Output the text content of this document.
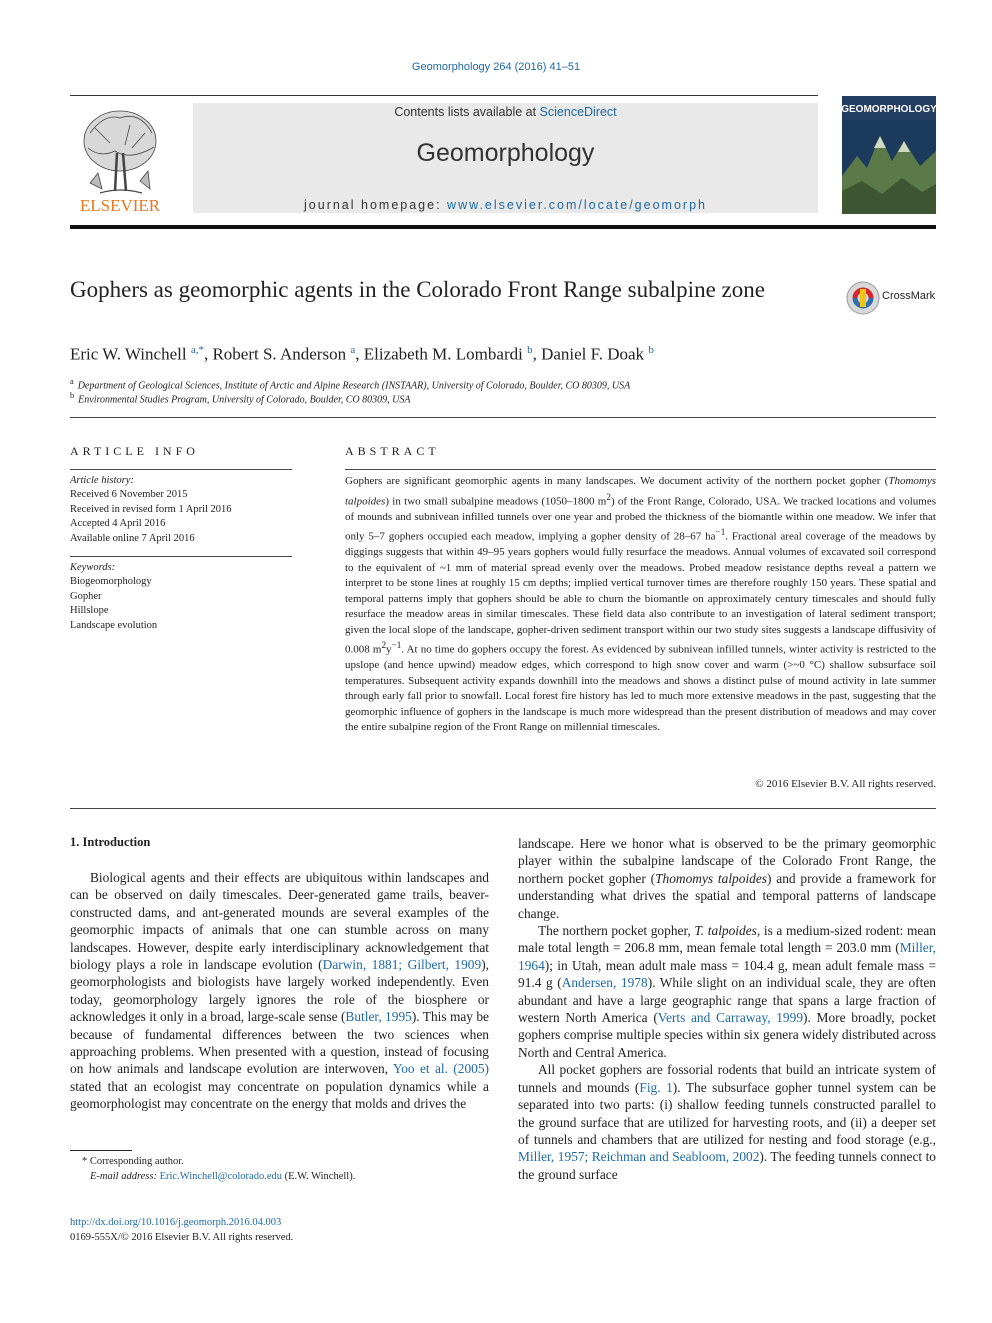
Geomorphology 264 (2016) 41–51
ELSEVIER
Contents lists available at ScienceDirect
Geomorphology
journal homepage: www.elsevier.com/locate/geomorph
GEOMORPHOLOGY
Gophers as geomorphic agents in the Colorado Front Range subalpine zone	CrossMark
Eric W. Winchell $^{a,*}$, Robert S. Anderson $^a$, Elizabeth M. Lombardi $^b$, Daniel F. Doak $^b$
$^a$ Department of Geological Sciences, Institute of Arctic and Alpine Research (INSTAAR), University of Colorado, Boulder, CO 80309, USA
$^b$ Environmental Studies Program, University of Colorado, Boulder, CO 80309, USA
ARTICLE INFO	ABSTRACT
Article history:
Received 6 November 2015
Received in revised form 1 April 2016
Accepted 4 April 2016
Available online 7 April 2016
Keywords:
Biogeomorphology
Gopher
Hillslope
Landscape evolution
Gophers are significant geomorphic agents in many landscapes. We document activity of the northern pocket gopher (Thomomys talpoides) in two small subalpine meadows (1050–1800 $m^2$) of the Front Range, Colorado, USA. We tracked locations and volumes of mounds and subnivean infilled tunnels over one year and probed the thickness of the biomantle within one meadow. We infer that only 5–7 gophers occupied each meadow, implying a gopher density of 28–67 $ha^{-1}$. Fractional areal coverage of the meadows by diggings suggests that within 49–95 years gophers would fully resurface the meadows. Annual volumes of excavated soil correspond to the equivalent of ~1 mm of material spread evenly over the meadows. Probed meadow resistance depths reveal a pattern we interpret to be stone lines at roughly 15 cm depths; implied vertical turnover times are therefore roughly 150 years. These spatial and temporal patterns imply that gophers should be able to churn the biomantle on approximately century timescales and should fully resurface the meadow areas in similar timescales. These field data also contribute to an investigation of lateral sediment transport; given the local slope of the landscape, gopher-driven sediment transport within our two study sites suggests a landscape diffusivity of 0.008 $m^2y^{-1}$. At no time do gophers occupy the forest. As evidenced by subnivean infilled tunnels, winter activity is restricted to the upslope (and hence upwind) meadow edges, which correspond to high snow cover and warm (>~0 °C) shallow subsurface soil temperatures. Subsequent activity expands downhill into the meadows and shows a distinct pulse of mound activity in late summer through early fall prior to snowfall. Local forest fire history has led to much more extensive meadows in the past, suggesting that the geomorphic influence of gophers in the landscape is much more widespread than the present distribution of meadows and may cover the entire subalpine region of the Front Range on millennial timescales.
© 2016 Elsevier B.V. All rights reserved.
1. Introduction
Biological agents and their effects are ubiquitous within landscapes and can be observed on daily timescales. Deer-generated game trails, beaver-constructed dams, and ant-generated mounds are several examples of the geomorphic impacts of animals that one can stumble across on many landscapes. However, despite early interdisciplinary acknowledgement that biology plays a role in landscape evolution (Darwin, 1881; Gilbert, 1909), geomorphologists and biologists have largely worked independently. Even today, geomorphology largely ignores the role of the biosphere or acknowledges it only in a broad, large-scale sense (Butler, 1995). This may be because of fundamental differences between the two sciences when approaching problems. When presented with a question, instead of focusing on how animals and landscape evolution are interwoven, Yoo et al. (2005) stated that an ecologist may concentrate on population dynamics while a geomorphologist may concentrate on the energy that molds and drives the

landscape. Here we honor what is observed to be the primary geomorphic player within the subalpine landscape of the Colorado Front Range, the northern pocket gopher (Thomomys talpoides) and provide a framework for understanding what drives the spatial and temporal patterns of landscape change.

The northern pocket gopher, T. talpoides, is a medium-sized rodent: mean male total length = 206.8 mm, mean female total length = 203.0 mm (Miller, 1964); in Utah, mean adult male mass = 104.4 g, mean adult female mass = 91.4 g (Andersen, 1978). While slight on an individual scale, they are often abundant and have a large geographic range that spans a large fraction of western North America (Verts and Carraway, 1999). More broadly, pocket gophers comprise multiple species within six genera widely distributed across North and Central America.

All pocket gophers are fossorial rodents that build an intricate system of tunnels and mounds (Fig. 1). The subsurface gopher tunnel system can be separated into two parts: (i) shallow feeding tunnels constructed parallel to the ground surface that are utilized for harvesting roots, and (ii) a deeper set of tunnels and chambers that are utilized for nesting and food storage (e.g., Miller, 1957; Reichman and Seabloom, 2002). The feeding tunnels connect to the ground surface

* Corresponding author.
E-mail address: Eric.Winchell@colorado.edu (E.W. Winchell).
http://dx.doi.org/10.1016/j.geomorph.2016.04.003
0169-555X/© 2016 Elsevier B.V. All rights reserved.
